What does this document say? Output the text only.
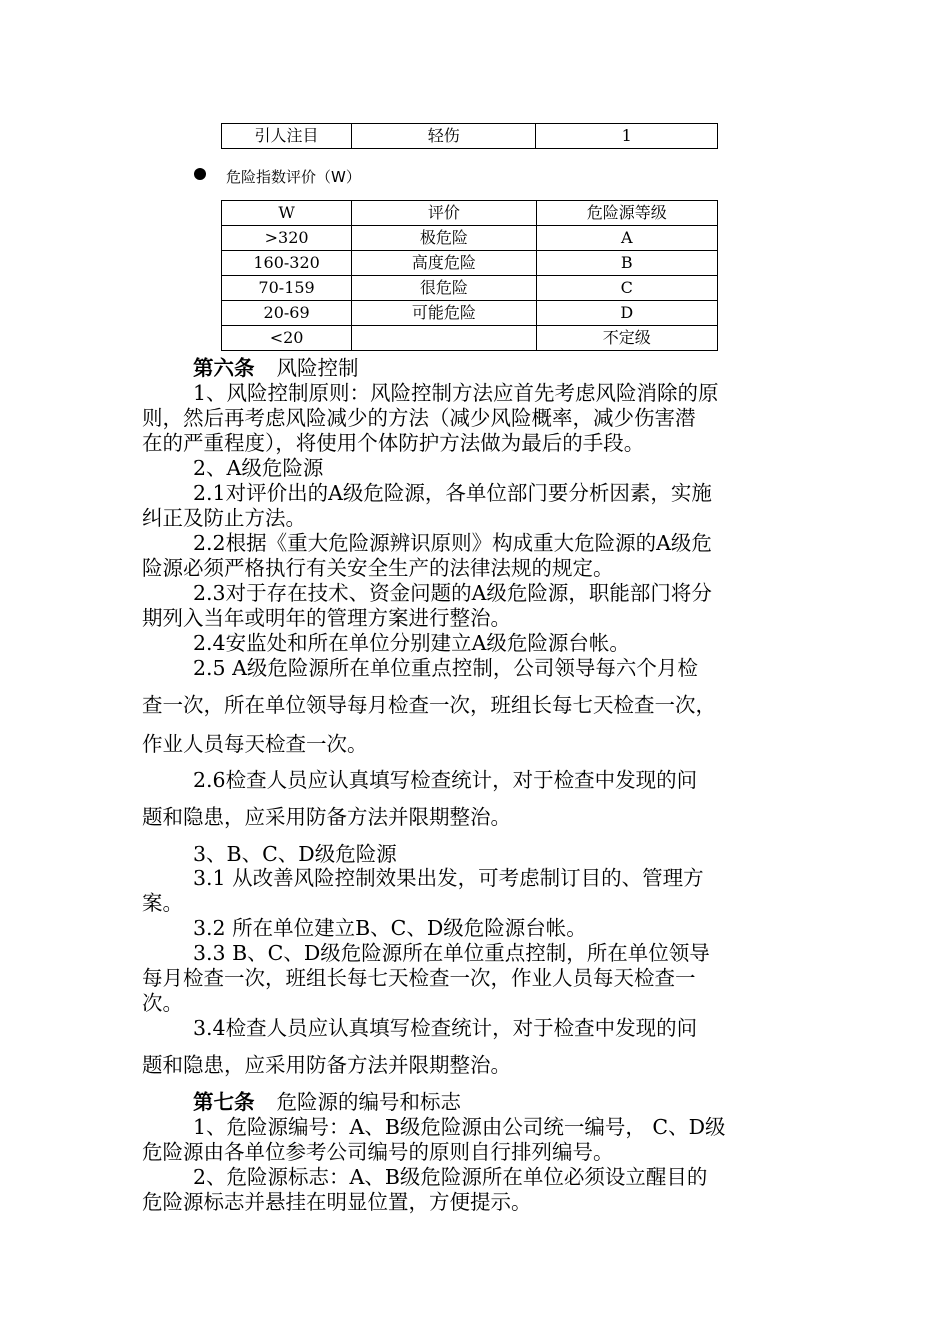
引人注目	轻伤	1
危险指数评价（W）
W	评价	危险源等级
>320	极危险	A
160-320	高度危险	B
70-159	很危险	C
20-69	可能危险	D
<20		不定级
第六条 风险控制
1、风险控制原则：风险控制方法应首先考虑风险消除的原
则，然后再考虑风险减少的方法（减少风险概率，减少伤害潜
在的严重程度），将使用个体防护方法做为最后的手段。
2、A级危险源
2.1对评价出的A级危险源，各单位部门要分析因素，实施
纠正及防止方法。
2.2根据《重大危险源辨识原则》构成重大危险源的A级危
险源必须严格执行有关安全生产的法律法规的规定。
2.3对于存在技术、资金问题的A级危险源，职能部门将分
期列入当年或明年的管理方案进行整治。
2.4安监处和所在单位分别建立A级危险源台帐。
2.5 A级危险源所在单位重点控制，公司领导每六个月检
查一次，所在单位领导每月检查一次，班组长每七天检查一次，
作业人员每天检查一次。
2.6检查人员应认真填写检查统计，对于检查中发现的问
题和隐患，应采用防备方法并限期整治。
3、B、C、D级危险源
3.1 从改善风险控制效果出发，可考虑制订目的、管理方
案。
3.2 所在单位建立B、C、D级危险源台帐。
3.3 B、C、D级危险源所在单位重点控制，所在单位领导
每月检查一次，班组长每七天检查一次，作业人员每天检查一
次。
3.4检查人员应认真填写检查统计，对于检查中发现的问
题和隐患，应采用防备方法并限期整治。
第七条 危险源的编号和标志
1、危险源编号：A、B级危险源由公司统一编号， C、D级
危险源由各单位参考公司编号的原则自行排列编号。
2、危险源标志：A、B级危险源所在单位必须设立醒目的
危险源标志并悬挂在明显位置，方便提示。
